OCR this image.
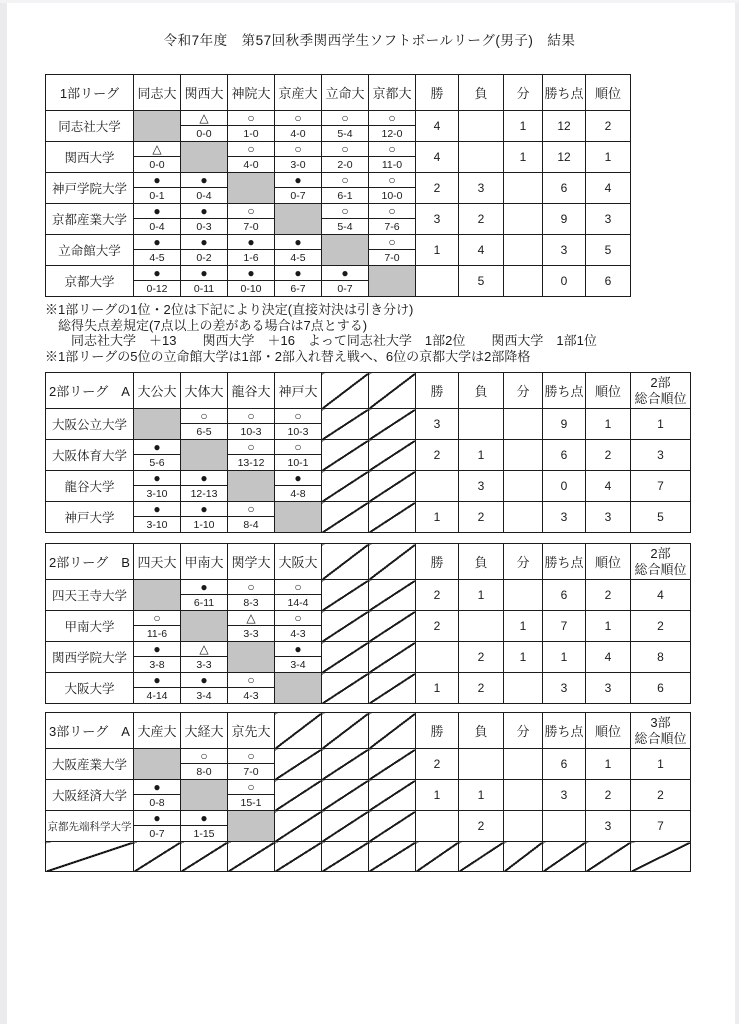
令和7年度　第57回秋季関西学生ソフトボールリーグ(男子)　結果
1部リーグ	同志大	関西大	神院大	京産大	立命大	京都大	勝	負	分	勝ち点	順位
同志社大学		△	○	○	○	○	4		1	12	2
		0-0	1-0	4-0	5-4	12-0					
関西大学	△		○	○	○	○	4		1	12	1
	0-0		4-0	3-0	2-0	11-0					
神戸学院大学	●	●		●	○	○	2	3		6	4
	0-1	0-4		0-7	6-1	10-0					
京都産業大学	●	●	○		○	○	3	2		9	3
	0-4	0-3	7-0		5-4	7-6					
立命館大学	●	●	●	●		○	1	4		3	5
	4-5	0-2	1-6	4-5		7-0					
京都大学	●	●	●	●	●			5		0	6
	0-12	0-11	0-10	6-7	0-7						
※1部リーグの1位・2位は下記により決定(直接対決は引き分け)
総得失点差規定(7点以上の差がある場合は7点とする)
同志社大学　＋13　　関西大学　＋16　よって同志社大学　1部2位　　関西大学　1部1位
※1部リーグの5位の立命館大学は1部・2部入れ替え戦へ、6位の京都大学は2部降格
2部リーグ　A	大公大	大体大	龍谷大	神戸大			勝	負	分	勝ち点	順位	2部
総合順位

大阪公立大学		○	○	○			3			9	1	1
		6-5	10-3	10-3								
大阪体育大学	●		○	○			2	1		6	2	3
	5-6		13-12	10-1								
龍谷大学	●	●		●				3		0	4	7
	3-10	12-13		4-8								
神戸大学	●	●	○				1	2		3	3	5
	3-10	1-10	8-4									
2部リーグ　B	四天大	甲南大	関学大	大阪大			勝	負	分	勝ち点	順位	2部
総合順位

四天王寺大学		●	○	○			2	1		6	2	4
		6-11	8-3	14-4								
甲南大学	○		△	○			2		1	7	1	2
	11-6		3-3	4-3								
関西学院大学	●	△		●				2	1	1	4	8
	3-8	3-3		3-4								
大阪大学	●	●	○				1	2		3	3	6
	4-14	3-4	4-3									
3部リーグ　A	大産大	大経大	京先大				勝	負	分	勝ち点	順位	3部
総合順位

大阪産業大学		○	○				2			6	1	1
		8-0	7-0									
大阪経済大学	●		○				1	1		3	2	2
	0-8		15-1									
京都先端科学大学	●	●						2			3	7
	0-7	1-15										
